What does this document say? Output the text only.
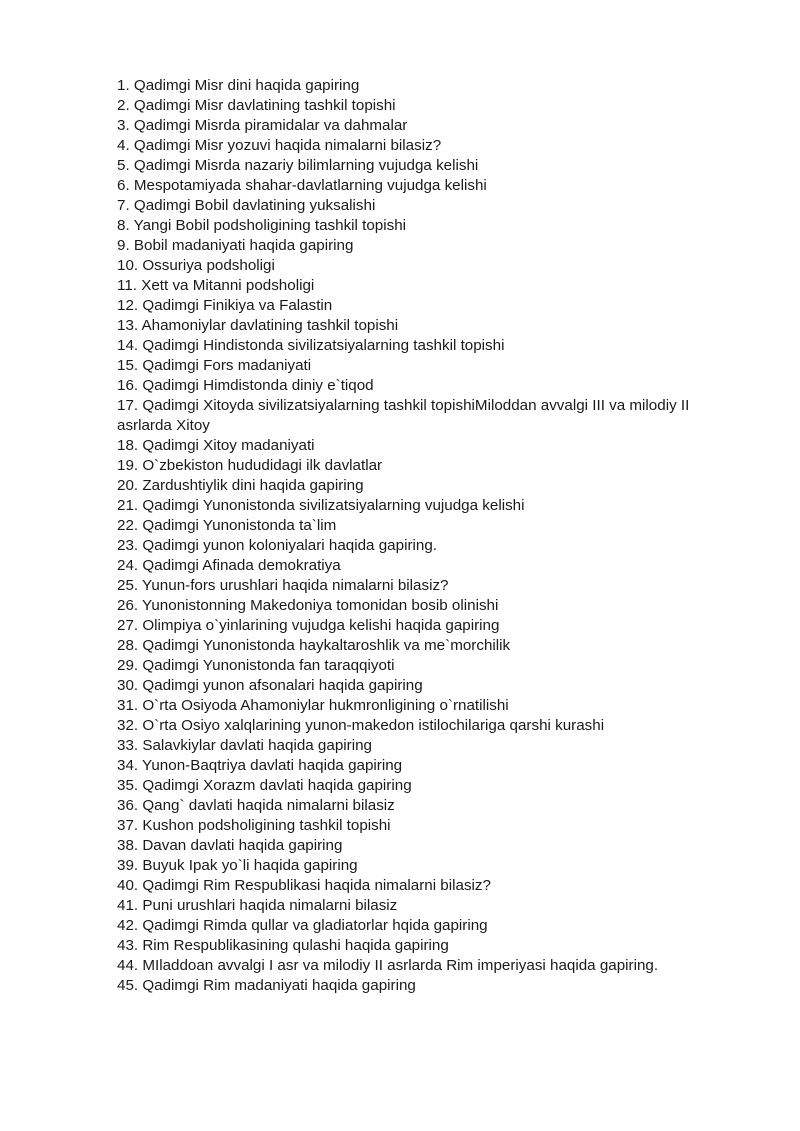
1. Qadimgi Misr dini haqida gapiring
2. Qadimgi Misr davlatining tashkil topishi
3. Qadimgi Misrda piramidalar va dahmalar
4. Qadimgi Misr yozuvi haqida nimalarni bilasiz?
5. Qadimgi Misrda nazariy bilimlarning vujudga kelishi
6. Mespotamiyada shahar-davlatlarning vujudga kelishi
7. Qadimgi Bobil davlatining yuksalishi
8. Yangi Bobil podsholigining tashkil topishi
9. Bobil madaniyati haqida gapiring
10. Ossuriya podsholigi
11. Xett va Mitanni podsholigi
12. Qadimgi Finikiya va Falastin
13. Ahamoniylar davlatining tashkil topishi
14. Qadimgi Hindistonda sivilizatsiyalarning tashkil topishi
15. Qadimgi Fors madaniyati
16. Qadimgi Himdistonda diniy e`tiqod
17. Qadimgi Xitoyda sivilizatsiyalarning tashkil topishiMiloddan avvalgi III va milodiy II asrlarda Xitoy
18. Qadimgi Xitoy madaniyati
19. O`zbekiston hududidagi ilk davlatlar
20. Zardushtiylik dini haqida gapiring
21. Qadimgi Yunonistonda sivilizatsiyalarning vujudga kelishi
22. Qadimgi Yunonistonda ta`lim
23. Qadimgi yunon koloniyalari haqida gapiring.
24. Qadimgi Afinada demokratiya
25. Yunun-fors urushlari haqida nimalarni bilasiz?
26. Yunonistonning Makedoniya tomonidan bosib olinishi
27. Olimpiya o`yinlarining vujudga kelishi haqida gapiring
28. Qadimgi Yunonistonda haykaltaroshlik va me`morchilik
29. Qadimgi Yunonistonda fan taraqqiyoti
30. Qadimgi yunon afsonalari haqida gapiring
31. O`rta Osiyoda Ahamoniylar hukmronligining o`rnatilishi
32. O`rta Osiyo xalqlarining yunon-makedon istilochilariga qarshi kurashi
33. Salavkiylar davlati haqida gapiring
34. Yunon-Baqtriya davlati haqida gapiring
35. Qadimgi Xorazm davlati haqida gapiring
36. Qang` davlati haqida nimalarni bilasiz
37. Kushon podsholigining tashkil topishi
38. Davan davlati haqida gapiring
39. Buyuk Ipak yo`li haqida gapiring
40. Qadimgi Rim Respublikasi haqida nimalarni bilasiz?
41. Puni urushlari haqida nimalarni bilasiz
42. Qadimgi Rimda qullar va gladiatorlar hqida gapiring
43. Rim Respublikasining qulashi haqida gapiring
44. MIladdoan avvalgi I asr va milodiy II asrlarda Rim imperiyasi haqida gapiring.
45. Qadimgi Rim madaniyati haqida gapiring
